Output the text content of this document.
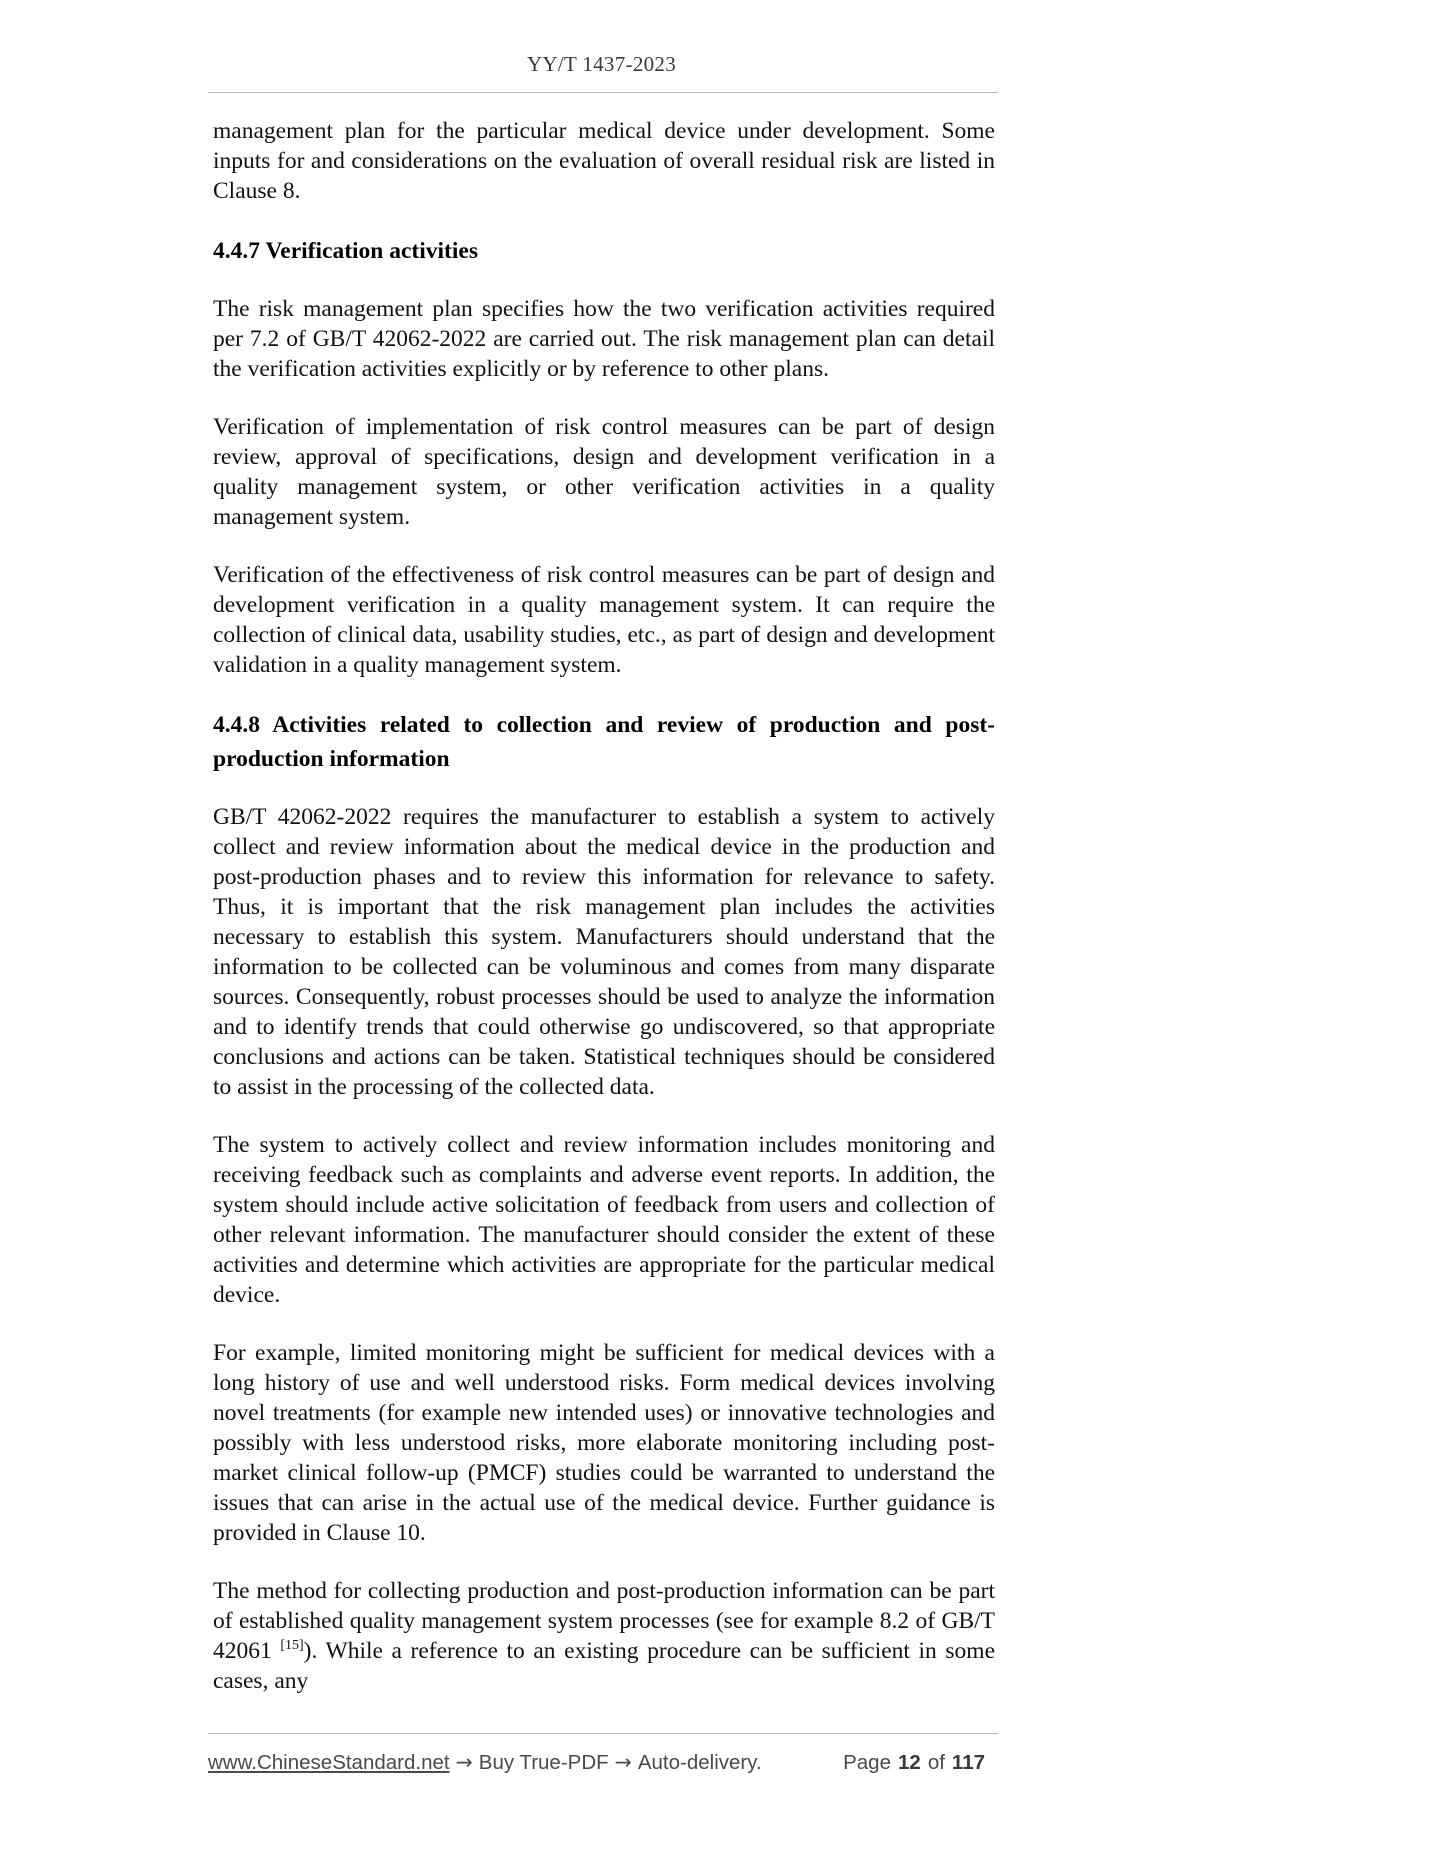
YY/T 1437-2023

management plan for the particular medical device under development. Some inputs for and considerations on the evaluation of overall residual risk are listed in Clause 8.

4.4.7 Verification activities

The risk management plan specifies how the two verification activities required per 7.2 of GB/T 42062-2022 are carried out. The risk management plan can detail the verification activities explicitly or by reference to other plans.

Verification of implementation of risk control measures can be part of design review, approval of specifications, design and development verification in a quality management system, or other verification activities in a quality management system.

Verification of the effectiveness of risk control measures can be part of design and development verification in a quality management system. It can require the collection of clinical data, usability studies, etc., as part of design and development validation in a quality management system.

4.4.8 Activities related to collection and review of production and post-production information

GB/T 42062-2022 requires the manufacturer to establish a system to actively collect and review information about the medical device in the production and post-production phases and to review this information for relevance to safety. Thus, it is important that the risk management plan includes the activities necessary to establish this system. Manufacturers should understand that the information to be collected can be voluminous and comes from many disparate sources. Consequently, robust processes should be used to analyze the information and to identify trends that could otherwise go undiscovered, so that appropriate conclusions and actions can be taken. Statistical techniques should be considered to assist in the processing of the collected data.

The system to actively collect and review information includes monitoring and receiving feedback such as complaints and adverse event reports. In addition, the system should include active solicitation of feedback from users and collection of other relevant information. The manufacturer should consider the extent of these activities and determine which activities are appropriate for the particular medical device.

For example, limited monitoring might be sufficient for medical devices with a long history of use and well understood risks. Form medical devices involving novel treatments (for example new intended uses) or innovative technologies and possibly with less understood risks, more elaborate monitoring including post-market clinical follow-up (PMCF) studies could be warranted to understand the issues that can arise in the actual use of the medical device. Further guidance is provided in Clause 10.

The method for collecting production and post-production information can be part of established quality management system processes (see for example 8.2 of GB/T 42061 [15]). While a reference to an existing procedure can be sufficient in some cases, any

www.ChineseStandard.net → Buy True-PDF → Auto-delivery.	Page 12 of 117
